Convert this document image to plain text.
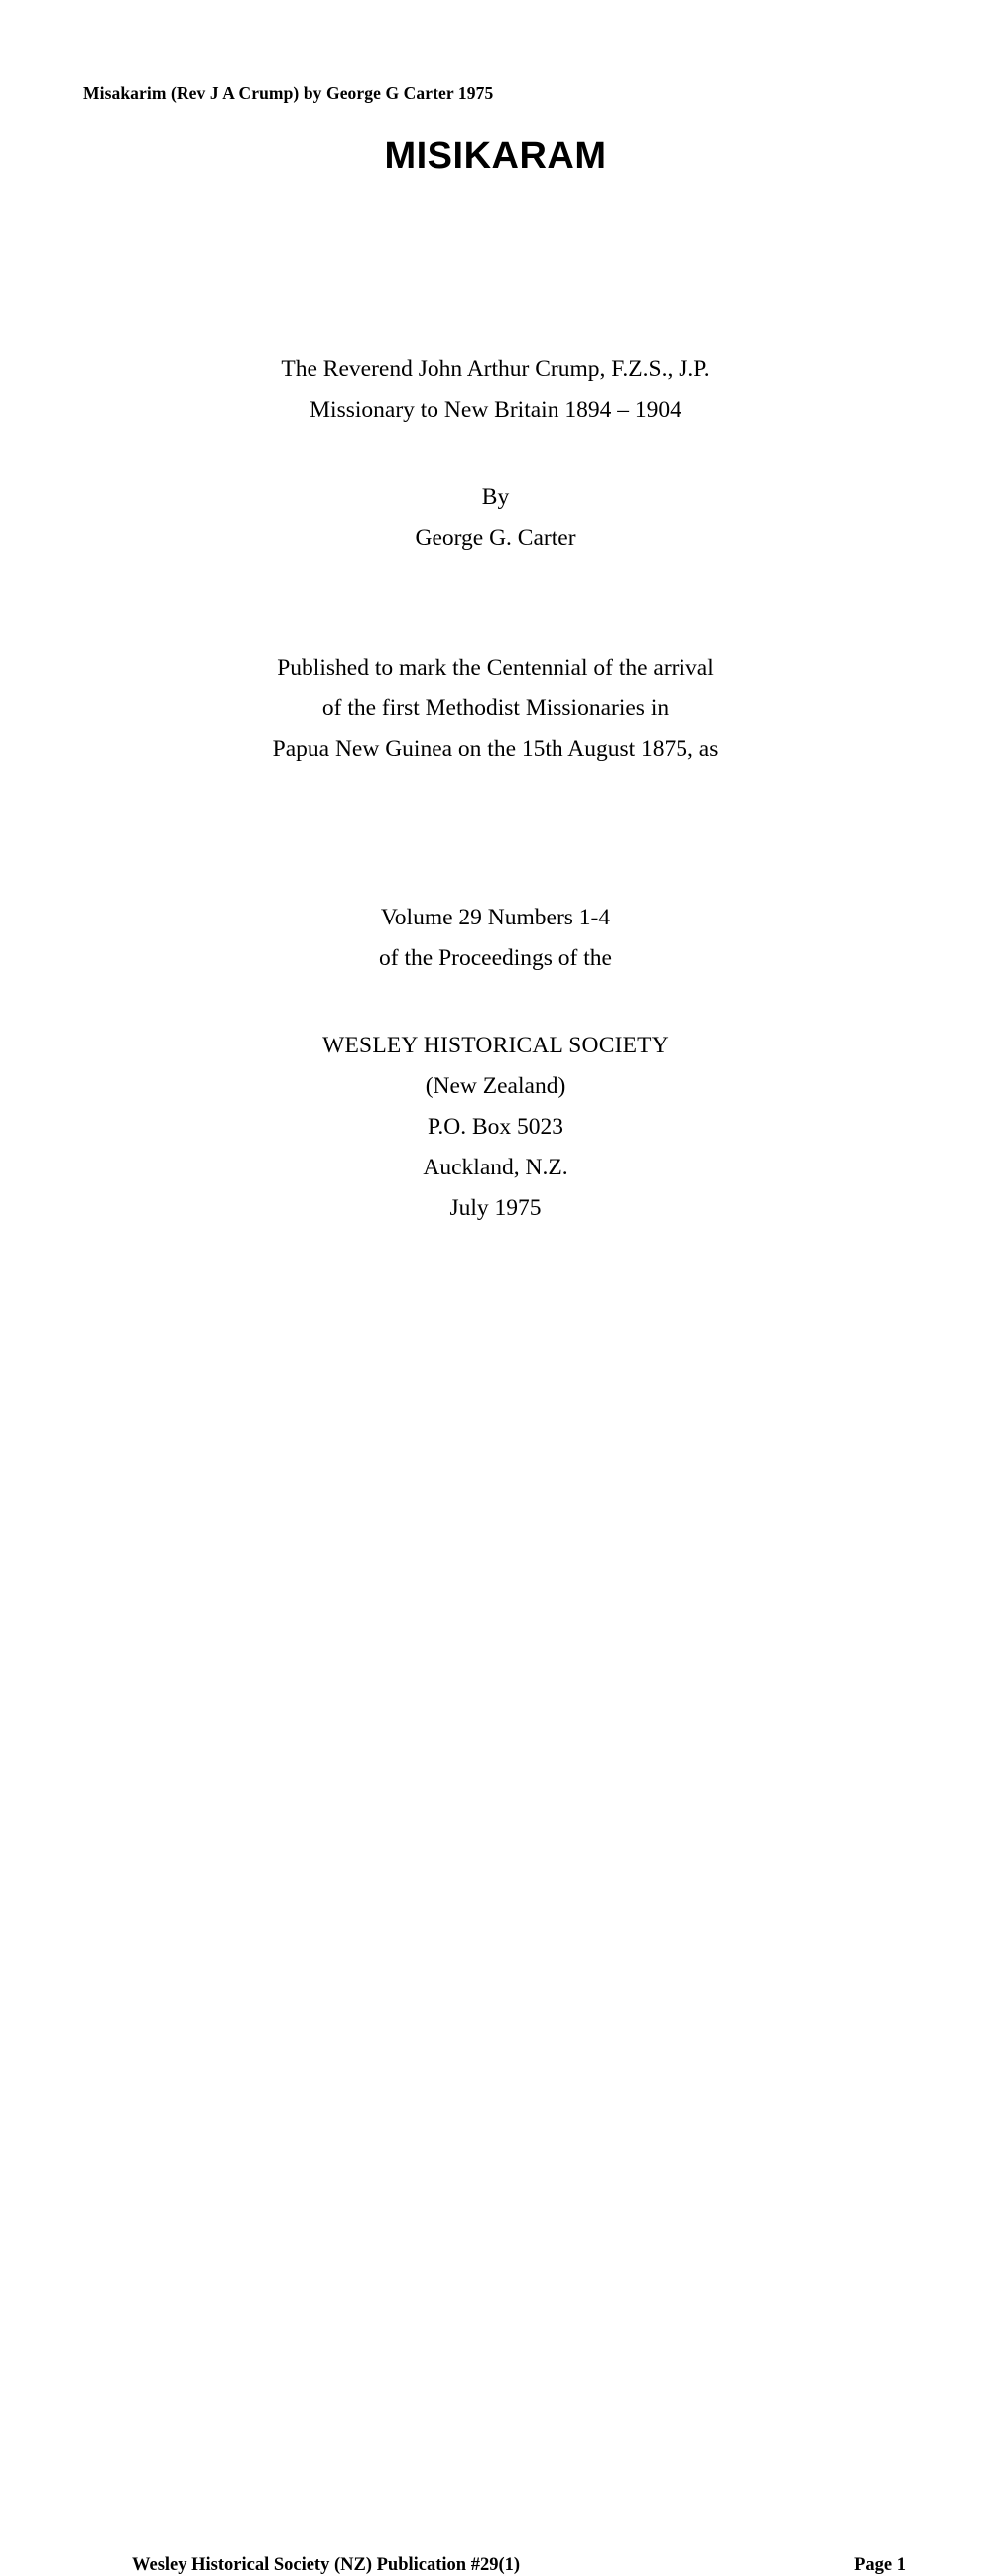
Misakarim (Rev J A Crump) by George G Carter 1975
MISIKARAM
The Reverend John Arthur Crump, F.Z.S., J.P.
Missionary to New Britain 1894 – 1904
By
George G. Carter
Published to mark the Centennial of the arrival
of the first Methodist Missionaries in
Papua New Guinea on the 15th August 1875, as
Volume 29 Numbers 1-4
of the Proceedings of the
WESLEY HISTORICAL SOCIETY
(New Zealand)
P.O. Box 5023
Auckland, N.Z.
July 1975
Wesley Historical Society (NZ) Publication #29(1)	Page 1
